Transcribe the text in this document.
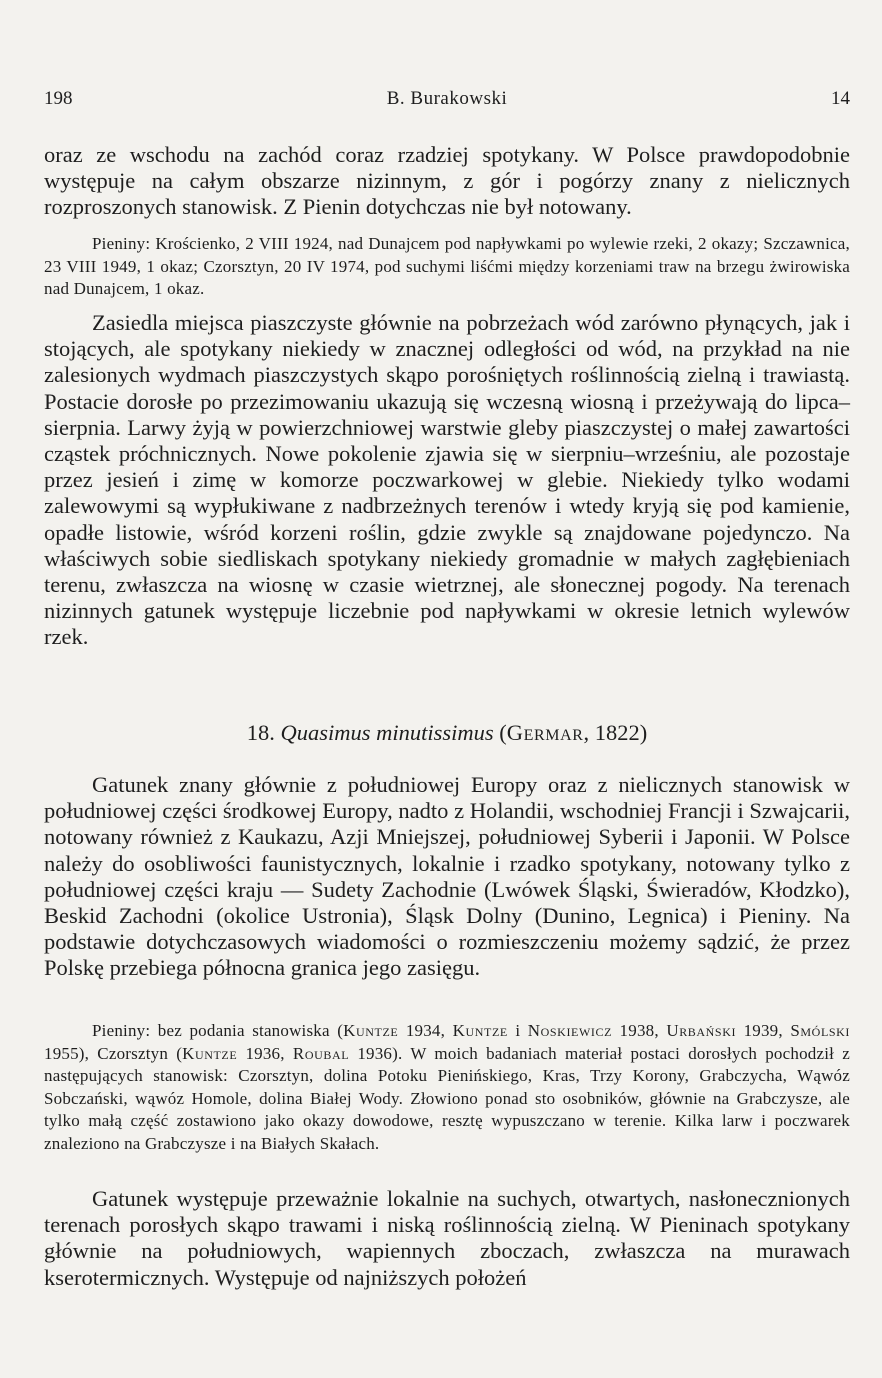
198	B. Burakowski	14

oraz ze wschodu na zachód coraz rzadziej spotykany. W Polsce prawdopodobnie występuje na całym obszarze nizinnym, z gór i pogórzy znany z nielicznych rozproszonych stanowisk. Z Pienin dotychczas nie był notowany.

Pieniny: Krościenko, 2 VIII 1924, nad Dunajcem pod napływkami po wylewie rzeki, 2 okazy; Szczawnica, 23 VIII 1949, 1 okaz; Czorsztyn, 20 IV 1974, pod suchymi liśćmi między korzeniami traw na brzegu żwirowiska nad Dunajcem, 1 okaz.

Zasiedla miejsca piaszczyste głównie na pobrzeżach wód zarówno płynących, jak i stojących, ale spotykany niekiedy w znacznej odległości od wód, na przykład na nie zalesionych wydmach piaszczystych skąpo porośniętych roślinnością zielną i trawiastą. Postacie dorosłe po przezimowaniu ukazują się wczesną wiosną i przeżywają do lipca–sierpnia. Larwy żyją w powierzchniowej warstwie gleby piaszczystej o małej zawartości cząstek próchnicznych. Nowe pokolenie zjawia się w sierpniu–wrześniu, ale pozostaje przez jesień i zimę w komorze poczwarkowej w glebie. Niekiedy tylko wodami zalewowymi są wypłukiwane z nadbrzeżnych terenów i wtedy kryją się pod kamienie, opadłe listowie, wśród korzeni roślin, gdzie zwykle są znajdowane pojedynczo. Na właściwych sobie siedliskach spotykany niekiedy gromadnie w małych zagłębieniach terenu, zwłaszcza na wiosnę w czasie wietrznej, ale słonecznej pogody. Na terenach nizinnych gatunek występuje liczebnie pod napływkami w okresie letnich wylewów rzek.

18. Quasimus minutissimus (Germar, 1822)

Gatunek znany głównie z południowej Europy oraz z nielicznych stanowisk w południowej części środkowej Europy, nadto z Holandii, wschodniej Francji i Szwajcarii, notowany również z Kaukazu, Azji Mniejszej, południowej Syberii i Japonii. W Polsce należy do osobliwości faunistycznych, lokalnie i rzadko spotykany, notowany tylko z południowej części kraju — Sudety Zachodnie (Lwówek Śląski, Świeradów, Kłodzko), Beskid Zachodni (okolice Ustronia), Śląsk Dolny (Dunino, Legnica) i Pieniny. Na podstawie dotychczasowych wiadomości o rozmieszczeniu możemy sądzić, że przez Polskę przebiega północna granica jego zasięgu.

Pieniny: bez podania stanowiska (Kuntze 1934, Kuntze i Noskiewicz 1938, Urbański 1939, Smólski 1955), Czorsztyn (Kuntze 1936, Roubal 1936). W moich badaniach materiał postaci dorosłych pochodził z następujących stanowisk: Czorsztyn, dolina Potoku Pienińskiego, Kras, Trzy Korony, Grabczycha, Wąwóz Sobczański, wąwóz Homole, dolina Białej Wody. Złowiono ponad sto osobników, głównie na Grabczysze, ale tylko małą część zostawiono jako okazy dowodowe, resztę wypuszczano w terenie. Kilka larw i poczwarek znaleziono na Grabczysze i na Białych Skałach.

Gatunek występuje przeważnie lokalnie na suchych, otwartych, nasłonecznionych terenach porosłych skąpo trawami i niską roślinnością zielną. W Pieninach spotykany głównie na południowych, wapiennych zboczach, zwłaszcza na murawach kserotermicznych. Występuje od najniższych położeń
